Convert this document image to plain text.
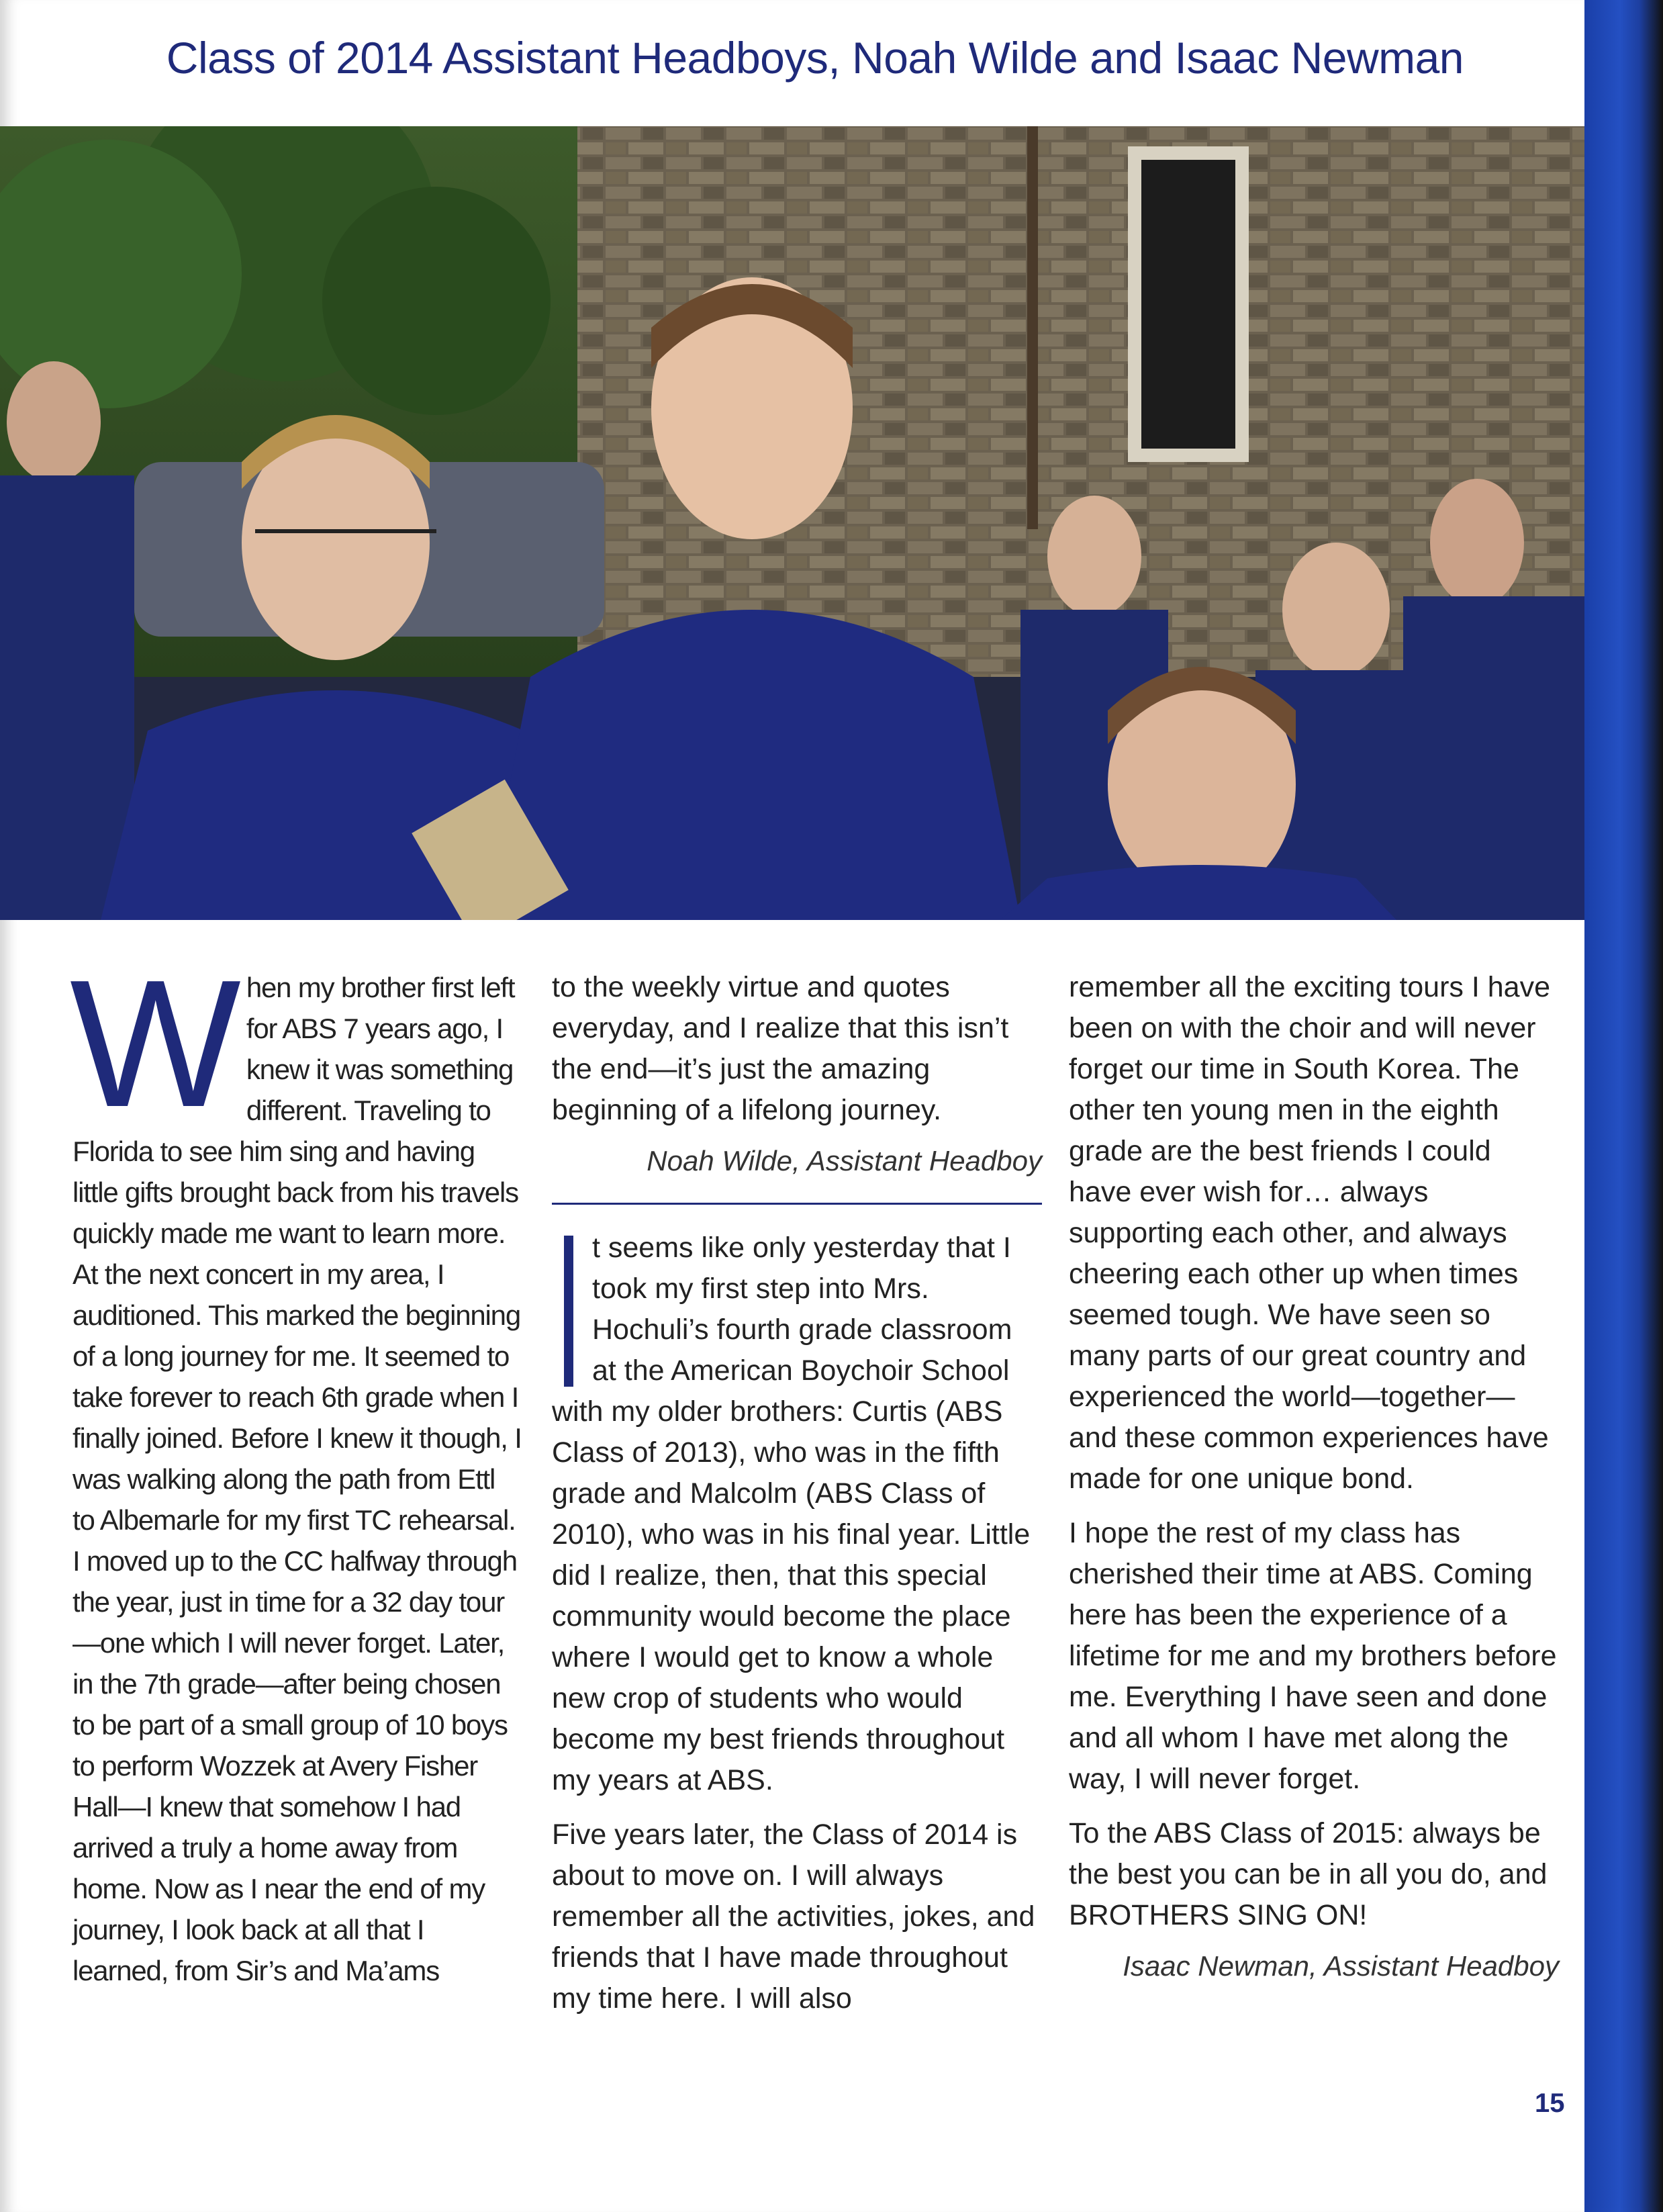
Class of 2014 Assistant Headboys, Noah Wilde and Isaac Newman

When my brother first left for ABS 7 years ago, I knew it was something different. Traveling to Florida to see him sing and having little gifts brought back from his travels quickly made me want to learn more. At the next concert in my area, I auditioned. This marked the beginning of a long journey for me. It seemed to take forever to reach 6th grade when I finally joined. Before I knew it though, I was walking along the path from Ettl to Albemarle for my first TC rehearsal. I moved up to the CC halfway through the year, just in time for a 32 day tour—one which I will never forget. Later, in the 7th grade—after being chosen to be part of a small group of 10 boys to perform Wozzek at Avery Fisher Hall—I knew that somehow I had arrived a truly a home away from home. Now as I near the end of my journey, I look back at all that I learned, from Sir’s and Ma’ams

to the weekly virtue and quotes everyday, and I realize that this isn’t the end—it’s just the amazing beginning of a lifelong journey.

Noah Wilde, Assistant Headboy

t seems like only yesterday that I took my first step into Mrs. Hochuli’s fourth grade classroom at the American Boychoir School with my older brothers: Curtis (ABS Class of 2013), who was in the fifth grade and Malcolm (ABS Class of 2010), who was in his final year. Little did I realize, then, that this special community would become the place where I would get to know a whole new crop of students who would become my best friends throughout my years at ABS.

Five years later, the Class of 2014 is about to move on. I will always remember all the activities, jokes, and friends that I have made throughout my time here. I will also

remember all the exciting tours I have been on with the choir and will never forget our time in South Korea. The other ten young men in the eighth grade are the best friends I could have ever wish for… always supporting each other, and always cheering each other up when times seemed tough. We have seen so many parts of our great country and experienced the world—together—and these common experiences have made for one unique bond.

I hope the rest of my class has cherished their time at ABS. Coming here has been the experience of a lifetime for me and my brothers before me. Everything I have seen and done and all whom I have met along the way, I will never forget.

To the ABS Class of 2015: always be the best you can be in all you do, and BROTHERS SING ON!

Isaac Newman, Assistant Headboy

15
